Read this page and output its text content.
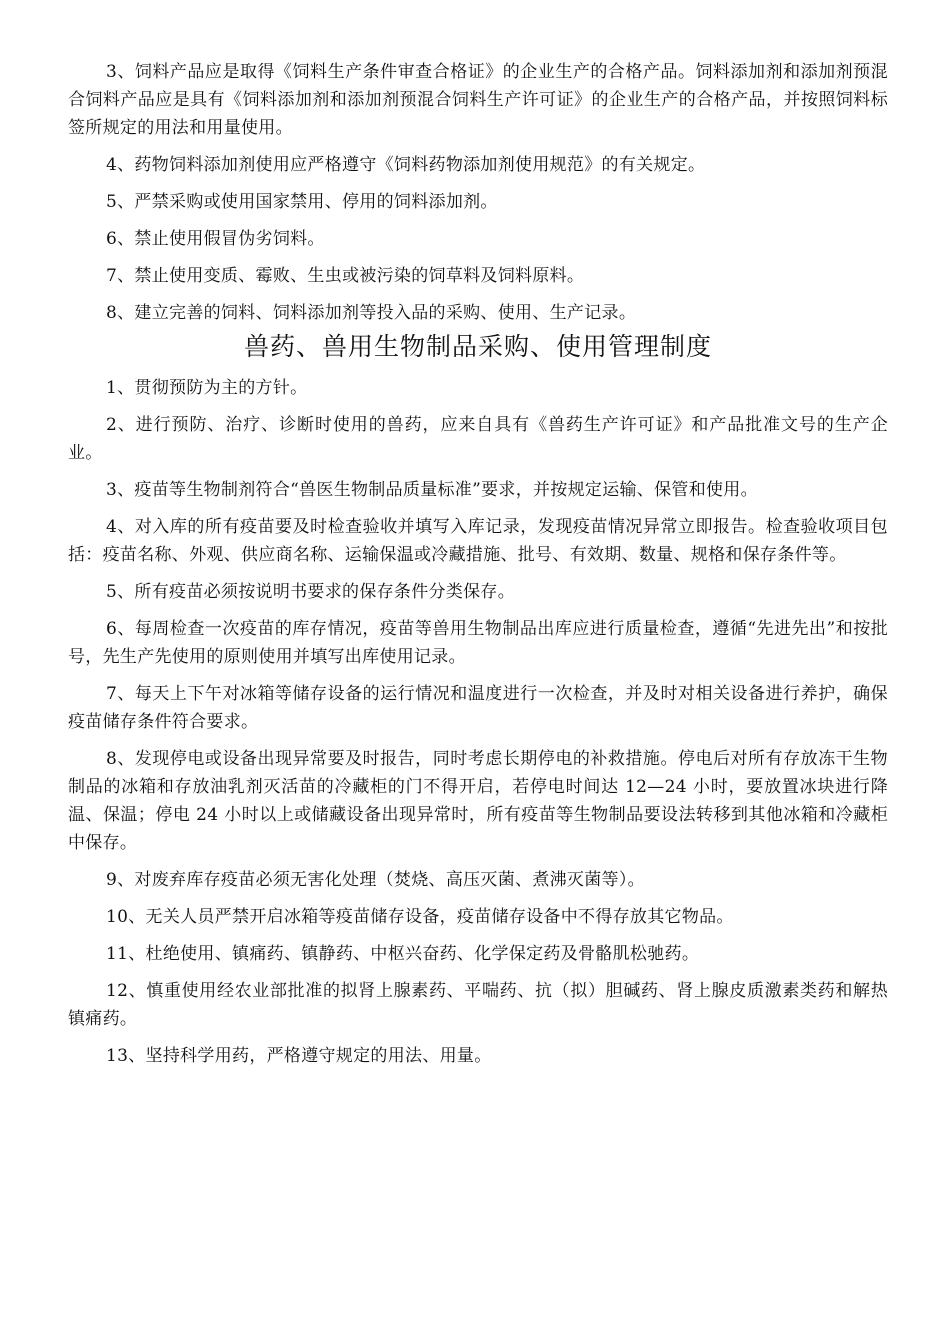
3、饲料产品应是取得《饲料生产条件审查合格证》的企业生产的合格产品。饲料添加剂和添加剂预混合饲料产品应是具有《饲料添加剂和添加剂预混合饲料生产许可证》的企业生产的合格产品，并按照饲料标签所规定的用法和用量使用。

4、药物饲料添加剂使用应严格遵守《饲料药物添加剂使用规范》的有关规定。

5、严禁采购或使用国家禁用、停用的饲料添加剂。

6、禁止使用假冒伪劣饲料。

7、禁止使用变质、霉败、生虫或被污染的饲草料及饲料原料。

8、建立完善的饲料、饲料添加剂等投入品的采购、使用、生产记录。

兽药、兽用生物制品采购、使用管理制度

1、贯彻预防为主的方针。

2、进行预防、治疗、诊断时使用的兽药，应来自具有《兽药生产许可证》和产品批准文号的生产企业。

3、疫苗等生物制剂符合“兽医生物制品质量标准”要求，并按规定运输、保管和使用。

4、对入库的所有疫苗要及时检查验收并填写入库记录，发现疫苗情况异常立即报告。检查验收项目包括：疫苗名称、外观、供应商名称、运输保温或冷藏措施、批号、有效期、数量、规格和保存条件等。

5、所有疫苗必须按说明书要求的保存条件分类保存。

6、每周检查一次疫苗的库存情况，疫苗等兽用生物制品出库应进行质量检查，遵循“先进先出”和按批号，先生产先使用的原则使用并填写出库使用记录。

7、每天上下午对冰箱等储存设备的运行情况和温度进行一次检查，并及时对相关设备进行养护，确保疫苗储存条件符合要求。

8、发现停电或设备出现异常要及时报告，同时考虑长期停电的补救措施。停电后对所有存放冻干生物制品的冰箱和存放油乳剂灭活苗的冷藏柜的门不得开启，若停电时间达 12—24 小时，要放置冰块进行降温、保温；停电 24 小时以上或储藏设备出现异常时，所有疫苗等生物制品要设法转移到其他冰箱和冷藏柜中保存。

9、对废弃库存疫苗必须无害化处理（焚烧、高压灭菌、煮沸灭菌等）。

10、无关人员严禁开启冰箱等疫苗储存设备，疫苗储存设备中不得存放其它物品。

11、杜绝使用、镇痛药、镇静药、中枢兴奋药、化学保定药及骨骼肌松驰药。

12、慎重使用经农业部批准的拟肾上腺素药、平喘药、抗（拟）胆碱药、肾上腺皮质激素类药和解热镇痛药。

13、坚持科学用药，严格遵守规定的用法、用量。
